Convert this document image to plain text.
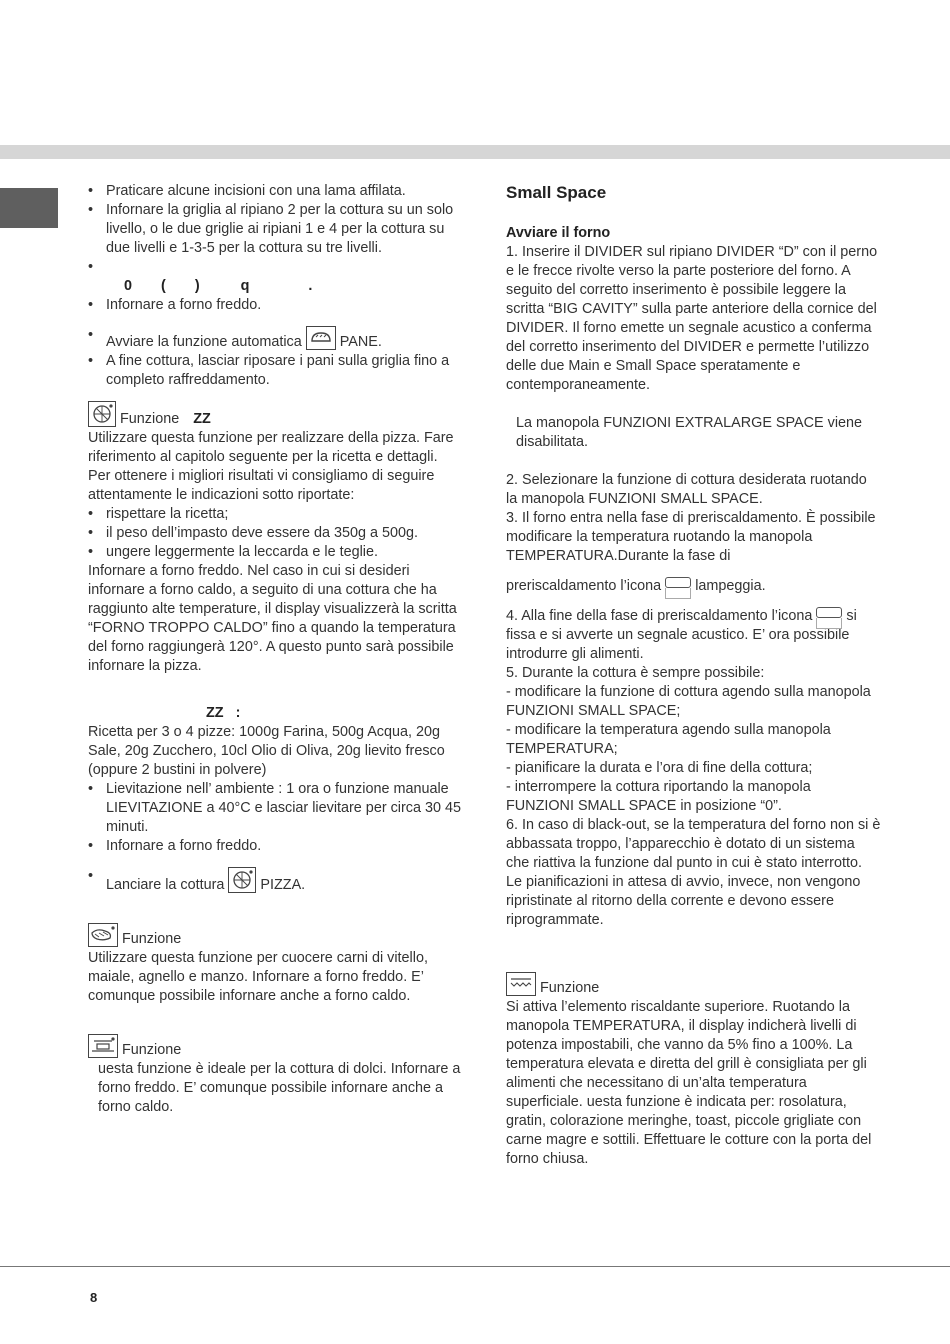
• Praticare alcune incisioni con una lama affilata.
• Infornare la griglia al ripiano 2 per la cottura su un solo livello, o le due griglie ai ripiani 1 e 4 per la cottura su due livelli e 1-3-5 per la cottura su tre livelli.
•
0 ( )	q	.
• Infornare a forno freddo.
• Avviare la funzione automatica	PANE.
• A fine cottura, lasciar riposare i pani sulla griglia fino a completo raffreddamento.
Funzione ZZ

Utilizzare questa funzione per realizzare della pizza. Fare riferimento al capitolo seguente per la ricetta e dettagli.

Per ottenere i migliori risultati vi consigliamo di seguire attentamente le indicazioni sotto riportate:

• rispettare la ricetta;
• il peso dell’impasto deve essere da 350g a 500g.
• ungere leggermente la leccarda e le teglie.

Infornare a forno freddo. Nel caso in cui si desideri infornare a forno caldo, a seguito di una cottura che ha raggiunto alte temperature, il display visualizzerà la scritta “FORNO TROPPO CALDO” fino a quando la temperatura del forno raggiungerà 120°. A questo punto sarà possibile infornare la pizza.

ZZ   :

Ricetta per 3 o 4 pizze: 1000g Farina, 500g Acqua, 20g Sale, 20g Zucchero, 10cl Olio di Oliva, 20g lievito fresco (oppure 2 bustini in polvere)

• Lievitazione nell’ ambiente : 1 ora o funzione manuale LIEVITAZIONE a 40°C e lasciar lievitare per circa 30 45 minuti.
• Infornare a forno freddo.
• Lanciare la cottura	PIZZA.
Funzione

Utilizzare questa funzione per cuocere carni di vitello, maiale, agnello e manzo. Infornare a forno freddo. E’ comunque possibile infornare anche a forno caldo.

Funzione

uesta funzione è ideale per la cottura di dolci. Infornare a forno freddo. E’ comunque possibile infornare anche a forno caldo.

Small Space
Avviare il forno

1. Inserire il DIVIDER sul ripiano DIVIDER “D” con il perno e le frecce rivolte verso la parte posteriore del forno. A seguito del corretto inserimento è possibile leggere la scritta “BIG CAVITY” sulla parte anteriore della cornice del DIVIDER. Il forno emette un segnale acustico a conferma del corretto inserimento del DIVIDER e permette l’utilizzo delle due Main e Small Space speratamente e contemporaneamente.

La manopola FUNZIONI EXTRALARGE SPACE viene disabilitata.

2. Selezionare la funzione di cottura desiderata ruotando la manopola FUNZIONI SMALL SPACE.

3. Il forno entra nella fase di preriscaldamento. È possibile modificare la temperatura ruotando la manopola TEMPERATURA.Durante la fase di

preriscaldamento l’icona lampeggia.

4. Alla fine della fase di preriscaldamento l’icona si fissa e si avverte un segnale acustico. E’ ora possibile introdurre gli alimenti.

5. Durante la cottura è sempre possibile:

- modificare la funzione di cottura agendo sulla manopola FUNZIONI SMALL SPACE;

- modificare la temperatura agendo sulla manopola TEMPERATURA;

- pianificare la durata e l’ora di fine della cottura;

- interrompere la cottura riportando la manopola FUNZIONI SMALL SPACE in posizione “0”.

6. In caso di black-out, se la temperatura del forno non si è abbassata troppo, l’apparecchio è dotato di un sistema che riattiva la funzione dal punto in cui è stato interrotto. Le pianificazioni in attesa di avvio, invece, non vengono ripristinate al ritorno della corrente e devono essere riprogrammate.

Funzione

Si attiva l’elemento riscaldante superiore. Ruotando la manopola TEMPERATURA, il display indicherà livelli di potenza impostabili, che vanno da 5% fino a 100%. La temperatura elevata e diretta del grill è consigliata per gli alimenti che necessitano di un’alta temperatura superficiale. uesta funzione è indicata per: rosolatura, gratin, colorazione meringhe, toast, piccole grigliate con carne magre e sottili. Effettuare le cotture con la porta del forno chiusa.

8
